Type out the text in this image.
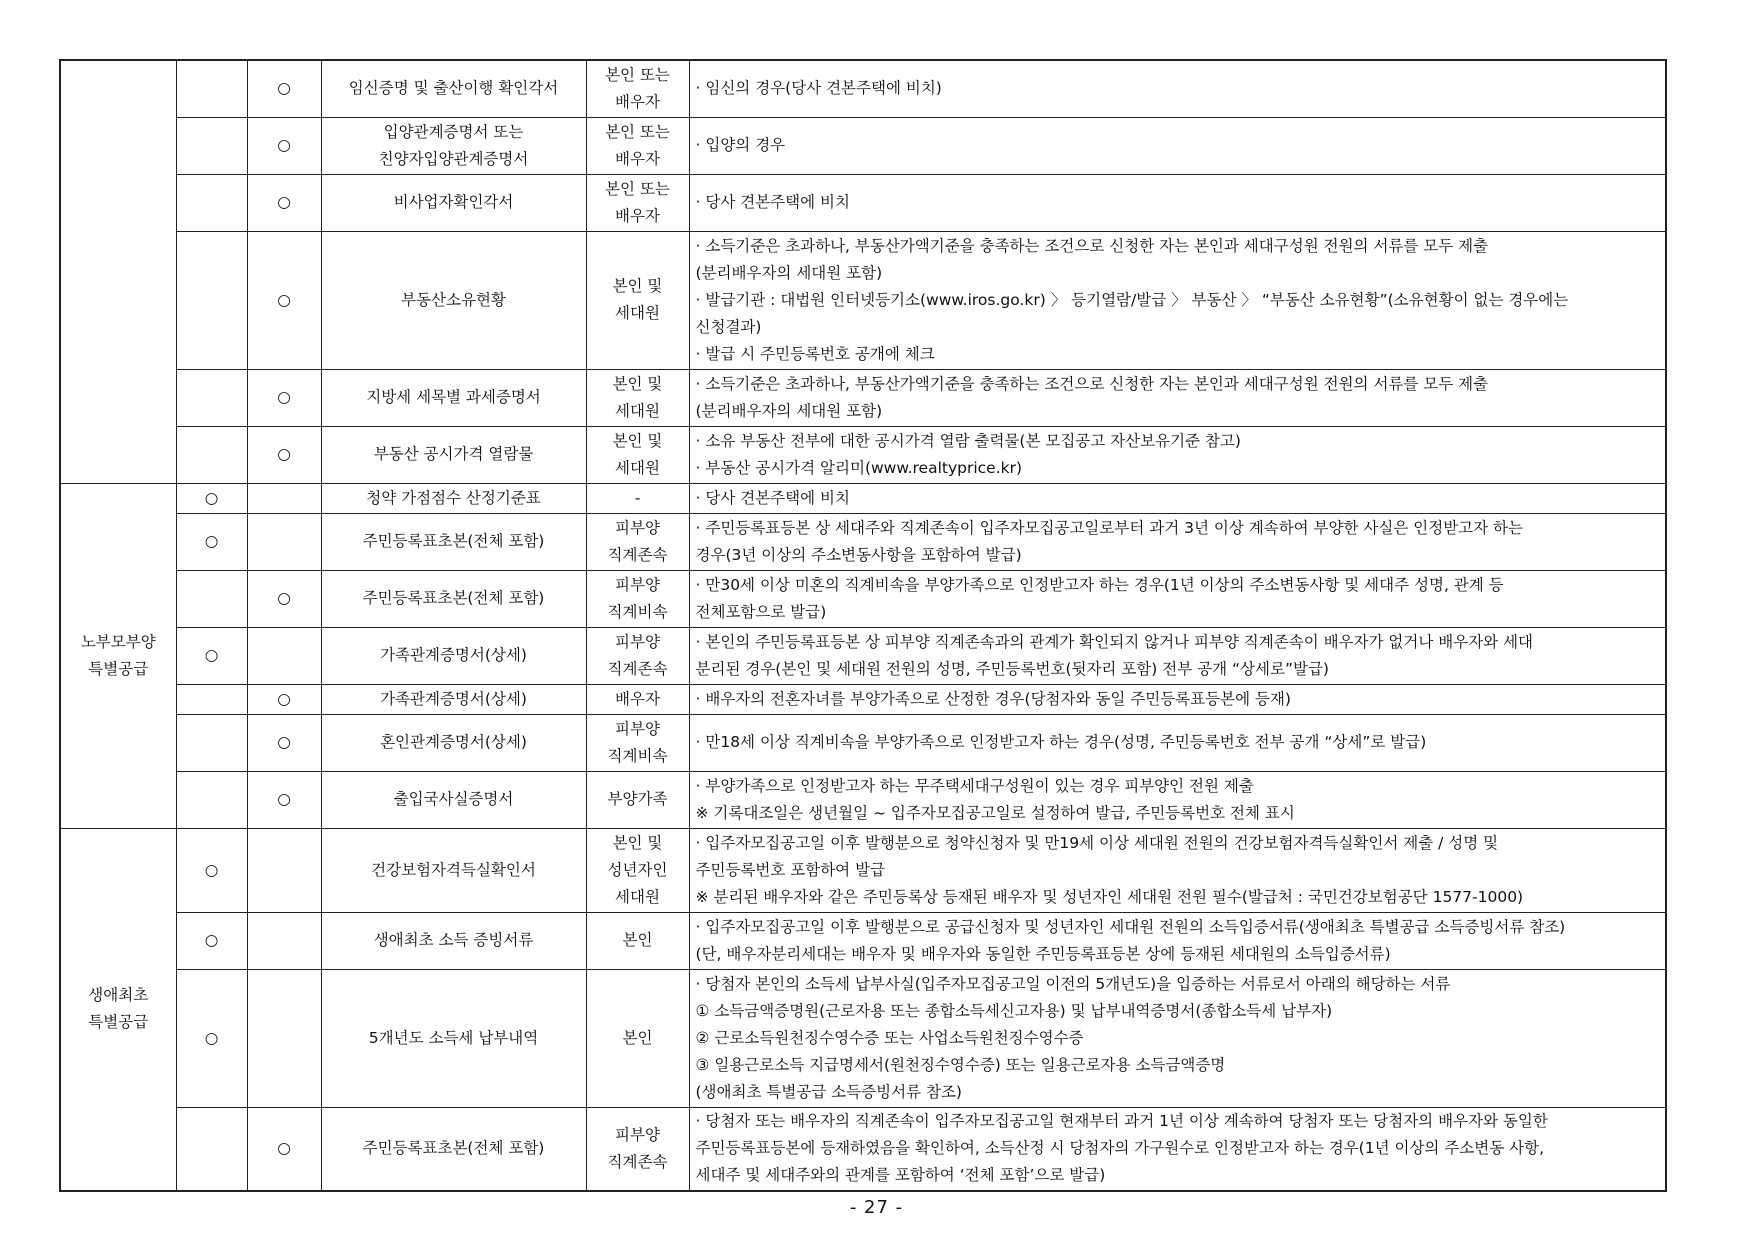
		○	임신증명 및 출산이행 확인각서	본인 또는
배우자	· 임신의 경우(당사 견본주택에 비치)

		○	입양관계증명서 또는
친양자입양관계증명서	본인 또는
배우자	· 입양의 경우

		○	비사업자확인각서	본인 또는
배우자	· 당사 견본주택에 비치

		○	부동산소유현황	본인 및
세대원	· 소득기준은 초과하나, 부동산가액기준을 충족하는 조건으로 신청한 자는 본인과 세대구성원 전원의 서류를 모두 제출
(분리배우자의 세대원 포함)
· 발급기관 : 대법원 인터넷등기소(www.iros.go.kr) 〉 등기열람/발급 〉 부동산 〉 “부동산 소유현황”(소유현황이 없는 경우에는
신청결과)
· 발급 시 주민등록번호 공개에 체크

		○	지방세 세목별 과세증명서	본인 및
세대원	· 소득기준은 초과하나, 부동산가액기준을 충족하는 조건으로 신청한 자는 본인과 세대구성원 전원의 서류를 모두 제출
(분리배우자의 세대원 포함)

		○	부동산 공시가격 열람물	본인 및
세대원	· 소유 부동산 전부에 대한 공시가격 열람 출력물(본 모집공고 자산보유기준 참고)
· 부동산 공시가격 알리미(www.realtyprice.kr)

노부모부양
특별공급	○		청약 가점점수 산정기준표	-	· 당사 견본주택에 비치

	○		주민등록표초본(전체 포함)	피부양
직계존속	· 주민등록표등본 상 세대주와 직계존속이 입주자모집공고일로부터 과거 3년 이상 계속하여 부양한 사실은 인정받고자 하는
경우(3년 이상의 주소변동사항을 포함하여 발급)

		○	주민등록표초본(전체 포함)	피부양
직계비속	· 만30세 이상 미혼의 직계비속을 부양가족으로 인정받고자 하는 경우(1년 이상의 주소변동사항 및 세대주 성명, 관계 등
전체포함으로 발급)

	○		가족관계증명서(상세)	피부양
직계존속	· 본인의 주민등록표등본 상 피부양 직계존속과의 관계가 확인되지 않거나 피부양 직계존속이 배우자가 없거나 배우자와 세대
분리된 경우(본인 및 세대원 전원의 성명, 주민등록번호(뒷자리 포함) 전부 공개 “상세로”발급)

		○	가족관계증명서(상세)	배우자	· 배우자의 전혼자녀를 부양가족으로 산정한 경우(당첨자와 동일 주민등록표등본에 등재)

		○	혼인관계증명서(상세)	피부양
직계비속	· 만18세 이상 직계비속을 부양가족으로 인정받고자 하는 경우(성명, 주민등록번호 전부 공개 “상세”로 발급)

		○	출입국사실증명서	부양가족	· 부양가족으로 인정받고자 하는 무주택세대구성원이 있는 경우 피부양인 전원 제출
※ 기록대조일은 생년월일 ~ 입주자모집공고일로 설정하여 발급, 주민등록번호 전체 표시

생애최초
특별공급	○		건강보험자격득실확인서	본인 및
성년자인
세대원	· 입주자모집공고일 이후 발행분으로 청약신청자 및 만19세 이상 세대원 전원의 건강보험자격득실확인서 제출 / 성명 및
주민등록번호 포함하여 발급
※ 분리된 배우자와 같은 주민등록상 등재된 배우자 및 성년자인 세대원 전원 필수(발급처 : 국민건강보험공단 1577-1000)

	○		생애최초 소득 증빙서류	본인	· 입주자모집공고일 이후 발행분으로 공급신청자 및 성년자인 세대원 전원의 소득입증서류(생애최초 특별공급 소득증빙서류 참조)
(단, 배우자분리세대는 배우자 및 배우자와 동일한 주민등록표등본 상에 등재된 세대원의 소득입증서류)

	○		5개년도 소득세 납부내역	본인	· 당첨자 본인의 소득세 납부사실(입주자모집공고일 이전의 5개년도)을 입증하는 서류로서 아래의 해당하는 서류
① 소득금액증명원(근로자용 또는 종합소득세신고자용) 및 납부내역증명서(종합소득세 납부자)
② 근로소득원천징수영수증 또는 사업소득원천징수영수증
③ 일용근로소득 지급명세서(원천징수영수증) 또는 일용근로자용 소득금액증명
(생애최초 특별공급 소득증빙서류 참조)

		○	주민등록표초본(전체 포함)	피부양
직계존속	· 당첨자 또는 배우자의 직계존속이 입주자모집공고일 현재부터 과거 1년 이상 계속하여 당첨자 또는 당첨자의 배우자와 동일한
주민등록표등본에 등재하였음을 확인하여, 소득산정 시 당첨자의 가구원수로 인정받고자 하는 경우(1년 이상의 주소변동 사항,
세대주 및 세대주와의 관계를 포함하여 ‘전체 포함’으로 발급)
- 27 -
